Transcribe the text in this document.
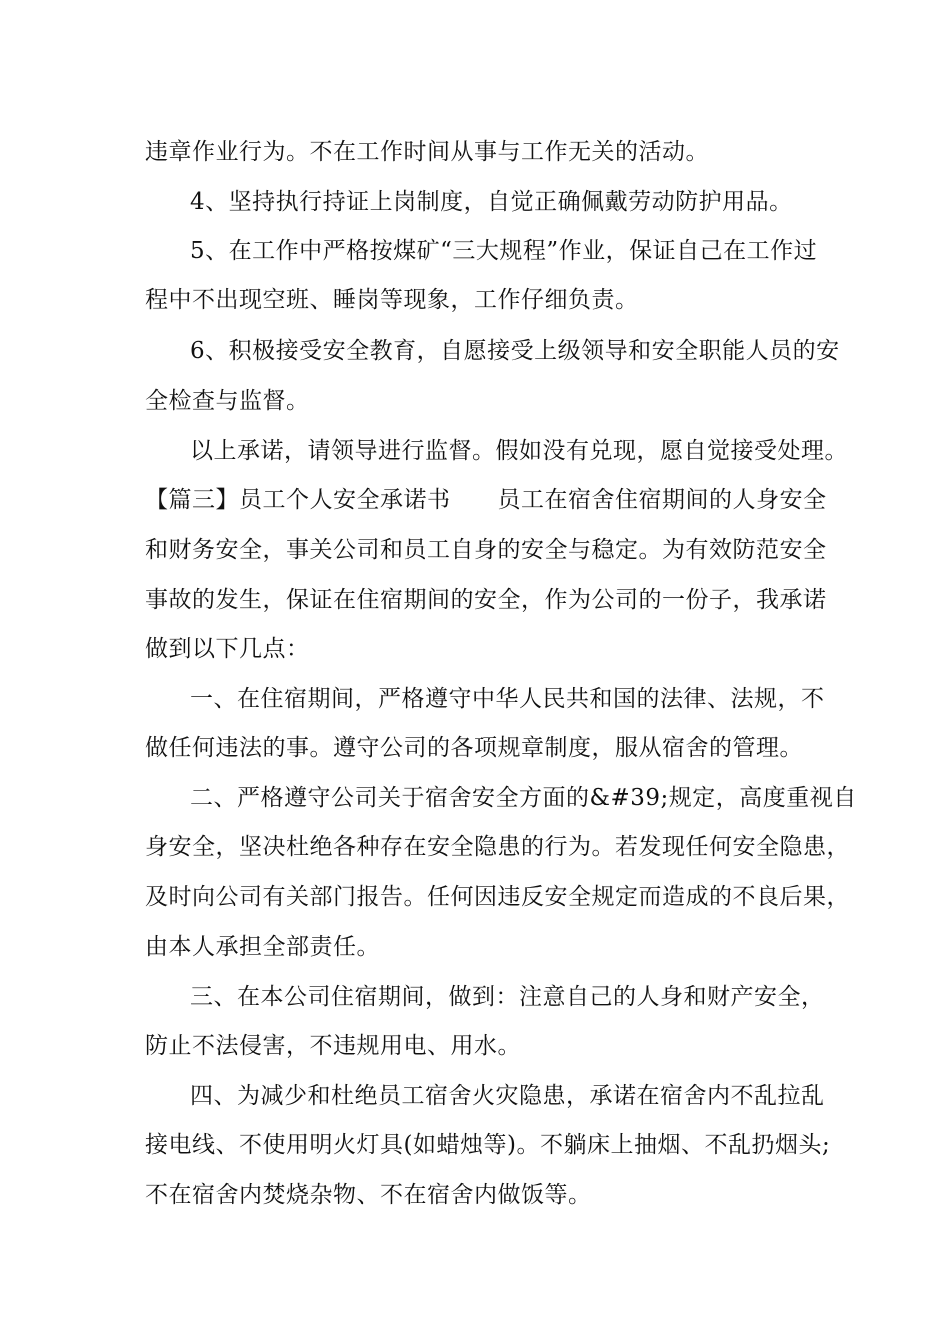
违章作业行为。不在工作时间从事与工作无关的活动。
4、坚持执行持证上岗制度，自觉正确佩戴劳动防护用品。
5、在工作中严格按煤矿“三大规程”作业，保证自己在工作过
程中不出现空班、睡岗等现象，工作仔细负责。
6、积极接受安全教育，自愿接受上级领导和安全职能人员的安
全检查与监督。
以上承诺，请领导进行监督。假如没有兑现，愿自觉接受处理。
【篇三】员工个人安全承诺书　　员工在宿舍住宿期间的人身安全
和财务安全，事关公司和员工自身的安全与稳定。为有效防范安全
事故的发生，保证在住宿期间的安全，作为公司的一份子，我承诺
做到以下几点：
一、在住宿期间，严格遵守中华人民共和国的法律、法规，不
做任何违法的事。遵守公司的各项规章制度，服从宿舍的管理。
二、严格遵守公司关于宿舍安全方面的&#39;规定，高度重视自
身安全，坚决杜绝各种存在安全隐患的行为。若发现任何安全隐患，
及时向公司有关部门报告。任何因违反安全规定而造成的不良后果，
由本人承担全部责任。
三、在本公司住宿期间，做到：注意自己的人身和财产安全，
防止不法侵害，不违规用电、用水。
四、为减少和杜绝员工宿舍火灾隐患，承诺在宿舍内不乱拉乱
接电线、不使用明火灯具(如蜡烛等)。不躺床上抽烟、不乱扔烟头;
不在宿舍内焚烧杂物、不在宿舍内做饭等。
